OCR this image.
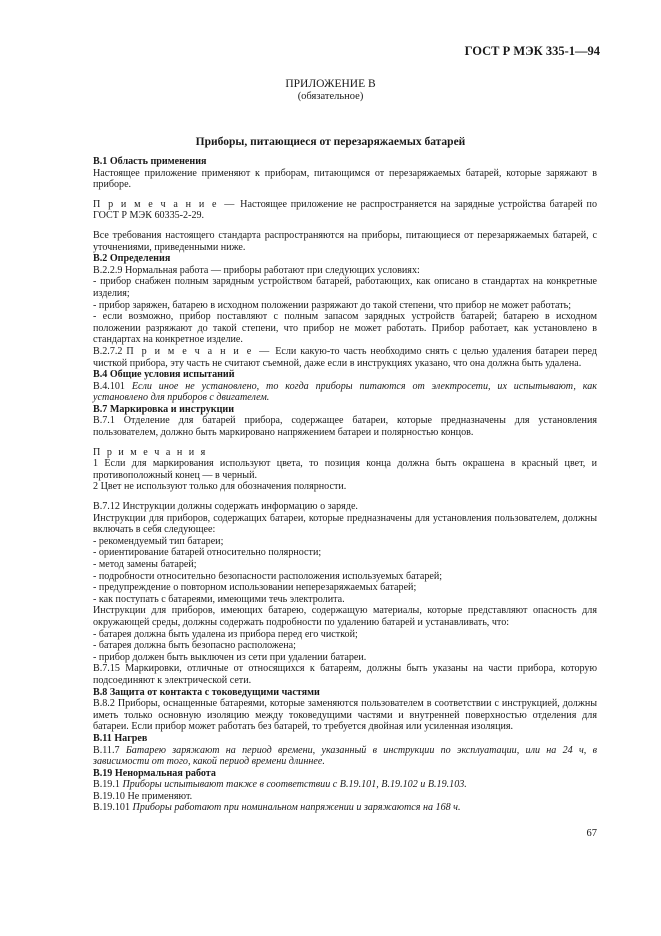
ГОСТ Р МЭК 335-1—94
ПРИЛОЖЕНИЕ В
(обязательное)
Приборы, питающиеся от перезаряжаемых батарей

В.1 Область применения

Настоящее приложение применяют к приборам, питающимся от перезаряжаемых батарей, которые заряжают в приборе.

П р и м е ч а н и е — Настоящее приложение не распространяется на зарядные устройства батарей по ГОСТ Р МЭК 60335-2-29.

Все требования настоящего стандарта распространяются на приборы, питающиеся от перезаряжаемых батарей, с уточнениями, приведенными ниже.

В.2 Определения

В.2.2.9 Нормальная работа — приборы работают при следующих условиях:

- прибор снабжен полным зарядным устройством батарей, работающих, как описано в стандартах на конкретные изделия;

- прибор заряжен, батарею в исходном положении разряжают до такой степени, что прибор не может работать;

- если возможно, прибор поставляют с полным запасом зарядных устройств батарей; батарею в исходном положении разряжают до такой степени, что прибор не может работать. Прибор работает, как установлено в стандартах на конкретное изделие.

В.2.7.2 П р и м е ч а н и е — Если какую-то часть необходимо снять с целью удаления батареи перед чисткой прибора, эту часть не считают съемной, даже если в инструкциях указано, что она должна быть удалена.

В.4 Общие условия испытаний

В.4.101 Если иное не установлено, то когда приборы питаются от электросети, их испытывают, как установлено для приборов с двигателем.

В.7 Маркировка и инструкции

В.7.1 Отделение для батарей прибора, содержащее батареи, которые предназначены для установления пользователем, должно быть маркировано напряжением батареи и полярностью концов.

П р и м е ч а н и я

1 Если для маркирования используют цвета, то позиция конца должна быть окрашена в красный цвет, и противоположный конец — в черный.

2 Цвет не используют только для обозначения полярности.

В.7.12 Инструкции должны содержать информацию о заряде.

Инструкции для приборов, содержащих батареи, которые предназначены для установления пользователем, должны включать в себя следующее:

- рекомендуемый тип батареи;

- ориентирование батарей относительно полярности;

- метод замены батарей;

- подробности относительно безопасности расположения используемых батарей;

- предупреждение о повторном использовании неперезаряжаемых батарей;

- как поступать с батареями, имеющими течь электролита.

Инструкции для приборов, имеющих батарею, содержащую материалы, которые представляют опасность для окружающей среды, должны содержать подробности по удалению батарей и устанавливать, что:

- батарея должна быть удалена из прибора перед его чисткой;

- батарея должна быть безопасно расположена;

- прибор должен быть выключен из сети при удалении батареи.

В.7.15 Маркировки, отличные от относящихся к батареям, должны быть указаны на части прибора, которую подсоединяют к электрической сети.

В.8 Защита от контакта с токоведущими частями

В.8.2 Приборы, оснащенные батареями, которые заменяются пользователем в соответствии с инструкцией, должны иметь только основную изоляцию между токоведущими частями и внутренней поверхностью отделения для батареи. Если прибор может работать без батарей, то требуется двойная или усиленная изоляция.

В.11 Нагрев

В.11.7 Батарею заряжают на период времени, указанный в инструкции по эксплуатации, или на 24 ч, в зависимости от того, какой период времени длиннее.

В.19 Ненормальная работа

В.19.1 Приборы испытывают также в соответствии с В.19.101, В.19.102 и В.19.103.

В.19.10 Не применяют.

В.19.101 Приборы работают при номинальном напряжении и заряжаются на 168 ч.

67
